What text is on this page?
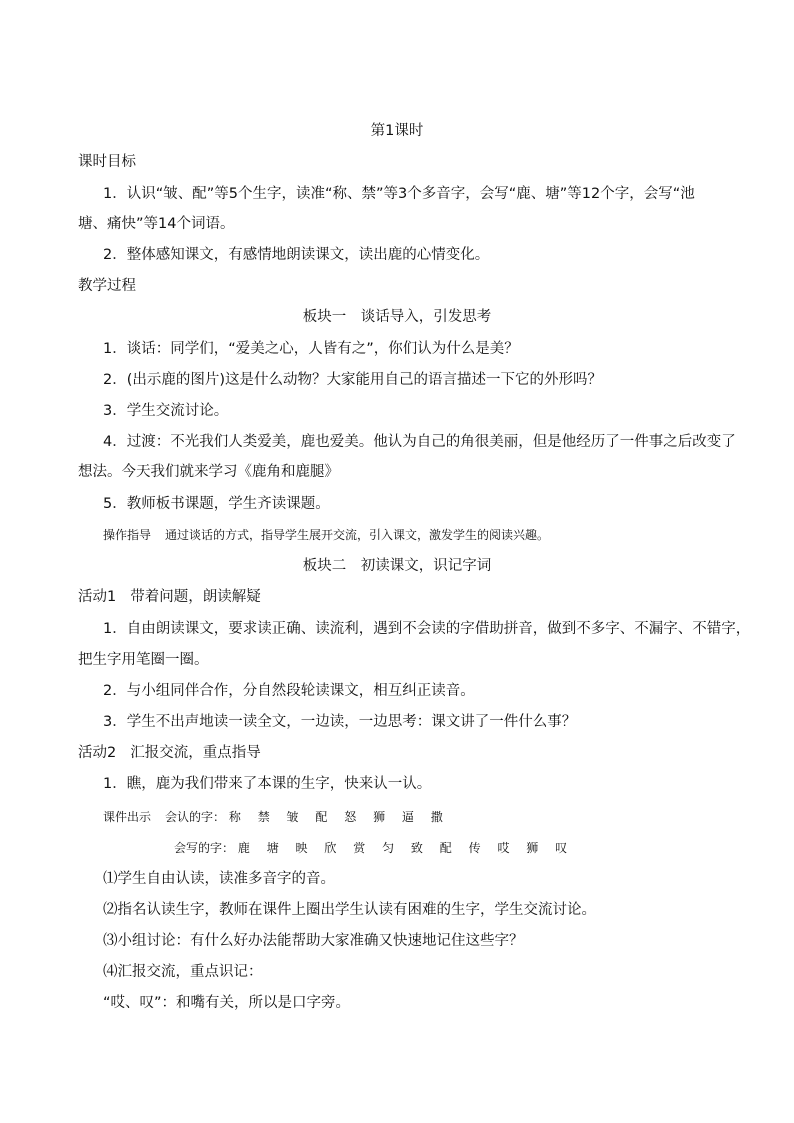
第1课时
课时目标
1．认识“皱、配”等5个生字，读准“称、禁”等3个多音字，会写“鹿、塘”等12个字，会写“池
塘、痛快”等14个词语。
2．整体感知课文，有感情地朗读课文，读出鹿的心情变化。
教学过程
板块一　谈话导入，引发思考
1．谈话：同学们，“爱美之心，人皆有之”，你们认为什么是美？
2．(出示鹿的图片)这是什么动物？大家能用自己的语言描述一下它的外形吗？
3．学生交流讨论。
4．过渡：不光我们人类爱美，鹿也爱美。他认为自己的角很美丽，但是他经历了一件事之后改变了
想法。今天我们就来学习《鹿角和鹿腿》
5．教师板书课题，学生齐读课题。
操作指导 通过谈话的方式，指导学生展开交流，引入课文，激发学生的阅读兴趣。
板块二　初读课文，识记字词
活动1 带着问题，朗读解疑
1．自由朗读课文，要求读正确、读流利，遇到不会读的字借助拼音，做到不多字、不漏字、不错字，
把生字用笔圈一圈。
2．与小组同伴合作，分自然段轮读课文，相互纠正读音。
3．学生不出声地读一读全文，一边读，一边思考：课文讲了一件什么事？
活动2 汇报交流，重点指导
1．瞧，鹿为我们带来了本课的生字，快来认一认。
课件出示 会认的字： 称 禁 皱 配 怒 狮 逼 撒
会写的字： 鹿 塘 映 欣 赏 匀 致 配 传 哎 狮 叹
⑴学生自由认读，读准多音字的音。
⑵指名认读生字，教师在课件上圈出学生认读有困难的生字，学生交流讨论。
⑶小组讨论：有什么好办法能帮助大家准确又快速地记住这些字？
⑷汇报交流，重点识记：
“哎、叹”：和嘴有关，所以是口字旁。
